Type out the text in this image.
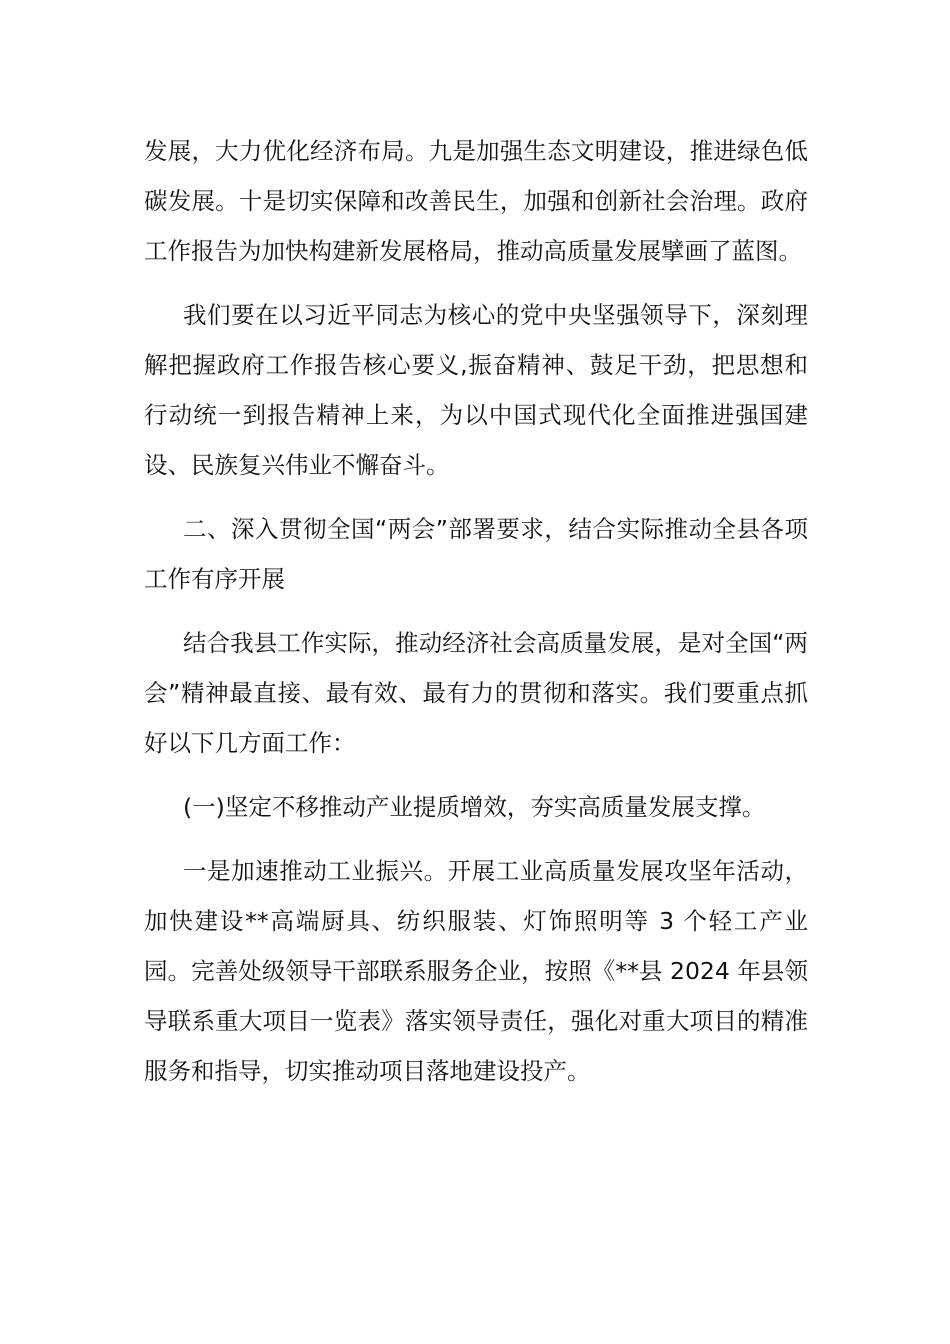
发展，大力优化经济布局。九是加强生态文明建设，推进绿色低碳发展。十是切实保障和改善民生，加强和创新社会治理。政府工作报告为加快构建新发展格局，推动高质量发展擘画了蓝图。

我们要在以习近平同志为核心的党中央坚强领导下，深刻理解把握政府工作报告核心要义,振奋精神、鼓足干劲，把思想和行动统一到报告精神上来，为以中国式现代化全面推进强国建设、民族复兴伟业不懈奋斗。

二、深入贯彻全国“两会”部署要求，结合实际推动全县各项工作有序开展

结合我县工作实际，推动经济社会高质量发展，是对全国“两会”精神最直接、最有效、最有力的贯彻和落实。我们要重点抓好以下几方面工作：

(一)坚定不移推动产业提质增效，夯实高质量发展支撑。

一是加速推动工业振兴。开展工业高质量发展攻坚年活动，加快建设**高端厨具、纺织服装、灯饰照明等 3 个轻工产业园。完善处级领导干部联系服务企业，按照《**县 2024 年县领导联系重大项目一览表》落实领导责任，强化对重大项目的精准服务和指导，切实推动项目落地建设投产。
